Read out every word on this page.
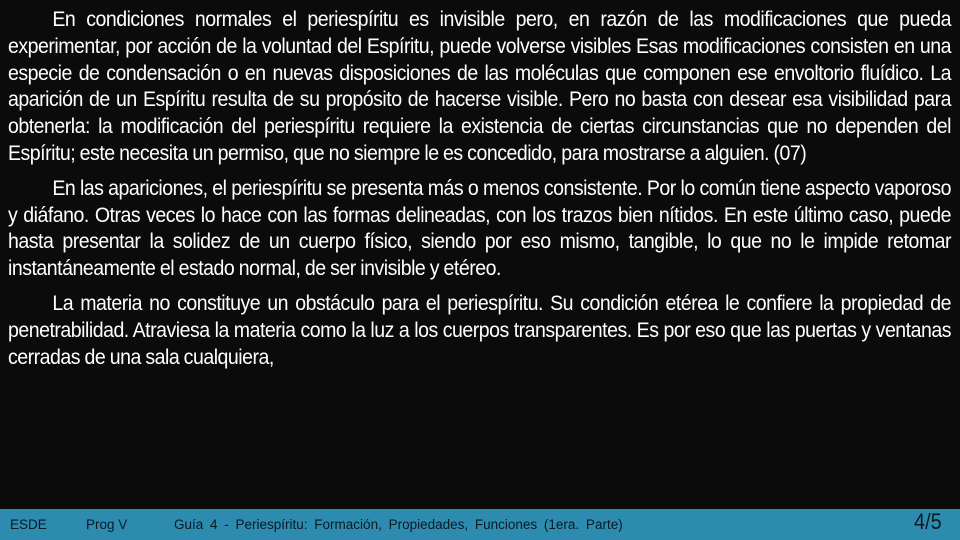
En condiciones normales el periespíritu es invisible pero, en razón de las modificaciones que pueda experimentar, por acción de la voluntad del Espíritu, puede volverse visibles Esas modificaciones consisten en una especie de condensación o en nuevas disposiciones de las moléculas que componen ese envoltorio fluídico. La aparición de un Espíritu resulta de su propósito de hacerse visible. Pero no basta con desear esa visibilidad para obtenerla: la modificación del periespíritu requiere la existencia de ciertas circunstancias que no dependen del Espíritu; este necesita un permiso, que no siempre le es concedido, para mostrarse a alguien. (07)

En las apariciones, el periespíritu se presenta más o menos consistente. Por lo común tiene aspecto vaporoso y diáfano. Otras veces lo hace con las formas delineadas, con los trazos bien nítidos. En este último caso, puede hasta presentar la solidez de un cuerpo físico, siendo por eso mismo, tangible, lo que no le impide retomar instantáneamente el estado normal, de ser invisible y etéreo.

La materia no constituye un obstáculo para el periespíritu. Su condición etérea le confiere la propiedad de penetrabilidad. Atraviesa la materia como la luz a los cuerpos transparentes. Es por eso que las puertas y ventanas cerradas de una sala cualquiera,

ESDE	Prog V	Guía 4 - Periespíritu: Formación, Propiedades, Funciones (1era. Parte)	4/5
